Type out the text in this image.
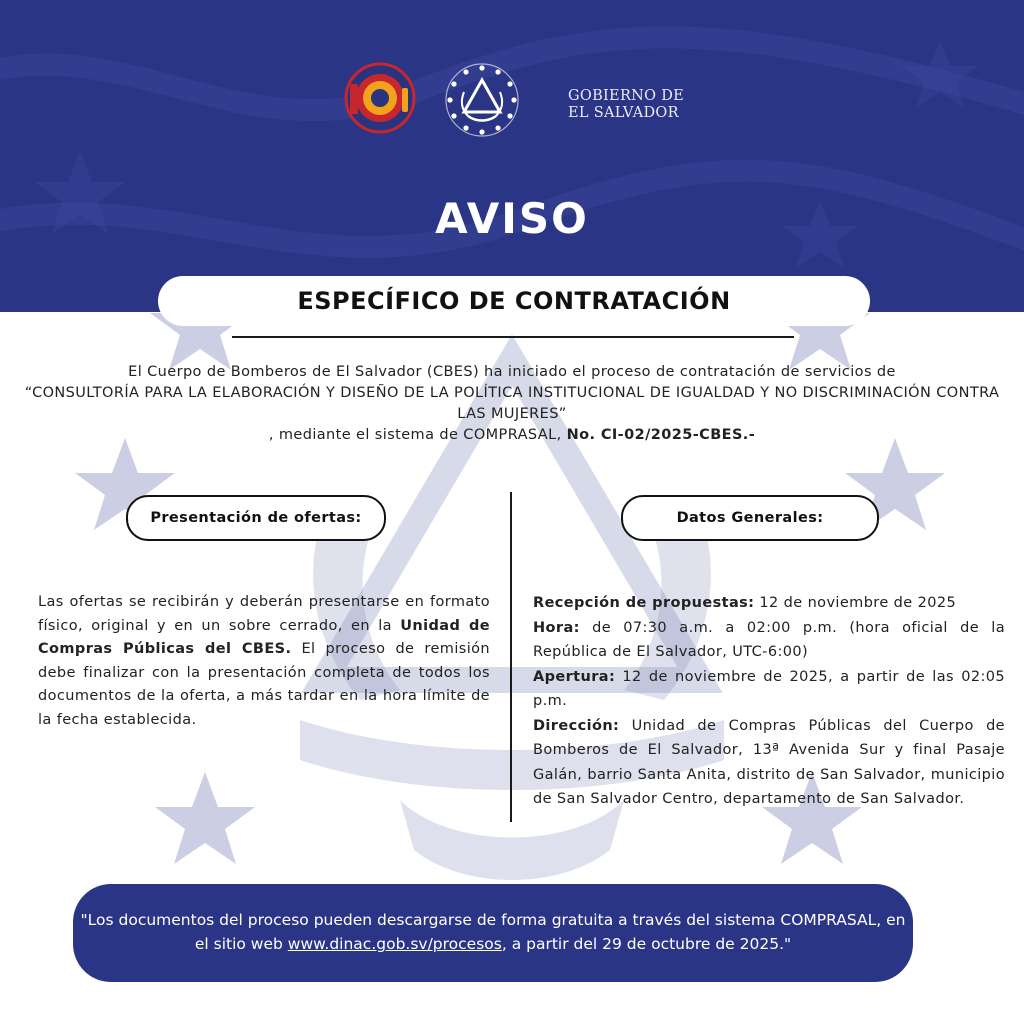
GOBIERNO DE
EL SALVADOR
AVISO
ESPECÍFICO DE CONTRATACIÓN
El Cuerpo de Bomberos de El Salvador (CBES) ha iniciado el proceso de contratación de servicios de
“CONSULTORÍA PARA LA ELABORACIÓN Y DISEÑO DE LA POLÍTICA INSTITUCIONAL DE IGUALDAD Y NO DISCRIMINACIÓN CONTRA LAS MUJERES”
, mediante el sistema de COMPRASAL, No. CI-02/2025-CBES.-
Presentación de ofertas:	Datos Generales:
Las ofertas se recibirán y deberán presentarse en formato físico, original y en un sobre cerrado, en la Unidad de Compras Públicas del CBES. El proceso de remisión debe finalizar con la presentación completa de todos los documentos de la oferta, a más tardar en la hora límite de la fecha establecida.

Recepción de propuestas: 12 de noviembre de 2025

Hora: de 07:30 a.m. a 02:00 p.m. (hora oficial de la República de El Salvador, UTC-6:00)

Apertura: 12 de noviembre de 2025, a partir de las 02:05 p.m.

Dirección: Unidad de Compras Públicas del Cuerpo de Bomberos de El Salvador, 13ª Avenida Sur y final Pasaje Galán, barrio Santa Anita, distrito de San Salvador, municipio de San Salvador Centro, departamento de San Salvador.

"Los documentos del proceso pueden descargarse de forma gratuita a través del sistema COMPRASAL, en el sitio web www.dinac.gob.sv/procesos, a partir del 29 de octubre de 2025."
